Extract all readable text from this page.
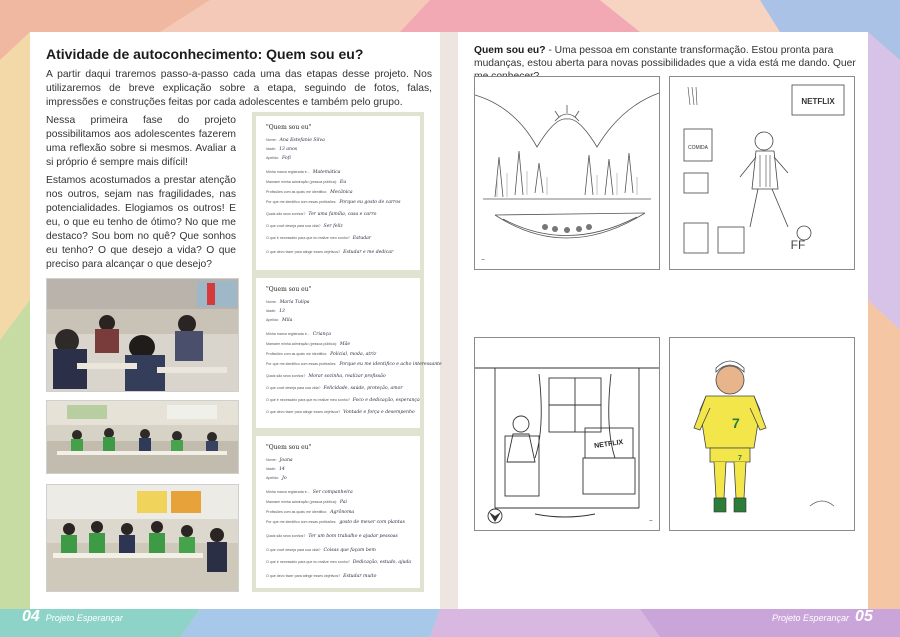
Atividade de autoconhecimento: Quem sou eu?

A partir daqui traremos passo-a-passo cada uma das etapas desse projeto. Nos utilizaremos de breve explicação sobre a etapa, seguindo de fotos, falas, impressões e construções feitas por cada adolescentes e também pelo grupo.

Nessa primeira fase do projeto possibilitamos aos adolescentes fazerem uma reflexão sobre si mesmos. Avaliar a si próprio é sempre mais difícil!

Estamos acostumados a prestar atenção nos outros, sejam nas fragilidades, nas potencialidades. Elogiamos os outros! E eu, o que eu tenho de ótimo? No que me destaco? Sou bom no quê? Que sonhos eu tenho? O que desejo a vida? O que preciso para alcançar o que desejo?

"Quem sou eu"
Nome: Ana Estefanie Silva
Idade: 13 anos
Apelido: Fofi
Minha marca registrada é... Matemática
Mamaee minha admiração (pessoa pública): Eu
Profissões com as quais me identifico: Mecânica
Por que me identifico com essas profissões: Porque eu gosto de carros
Quais são seus sonhos? Ter uma família, casa e carro
O que você deseja para sua vida? Ser feliz
O que é necessário para que eu realize meu sonho? Estudar
O que devo fazer para atingir esses objetivos? Estudar e me dedicar
"Quem sou eu"
Nome: Maria Tulipa
Idade: 13
Apelido: Mila
Minha marca registrada é... Criança
Mamaee minha admiração (pessoa pública): Mãe
Profissões com as quais me identifico: Policial, moda, atriz
Por que me identifico com essas profissões: Porque eu me identifico e acho interessante
Quais são seus sonhos? Morar sozinha, realizar profissão
O que você deseja para sua vida? Felicidade, saúde, proteção, amor
O que é necessário para que eu realize meu sonho? Foco e dedicação, esperança
O que devo fazer para atingir esses objetivos? Vontade e força e desempenho
"Quem sou eu"
Nome: Joana
Idade: 14
Apelido: Jo
Minha marca registrada é... Ser companheira
Mamaee minha admiração (pessoa pública): Pai
Profissões com as quais me identifico: Agrônoma
Por que me identifico com essas profissões: gosto de mexer com plantas
Quais são seus sonhos? Ter um bom trabalho e ajudar pessoas
O que você deseja para sua vida? Coisas que façam bem
O que é necessário para que eu realize meu sonho? Dedicação, estudo, ajuda
O que devo fazer para atingir esses objetivos? Estudar muito

Quem sou eu? - Uma pessoa em constante transformação. Estou pronta para mudanças, estou aberta para novas possibilidades que a vida está me dando. Quer

~
NETFLIX
COMIDA
FF
NETFLIX
~
7
7
04 Projeto Esperançar	Projeto Esperançar 05
